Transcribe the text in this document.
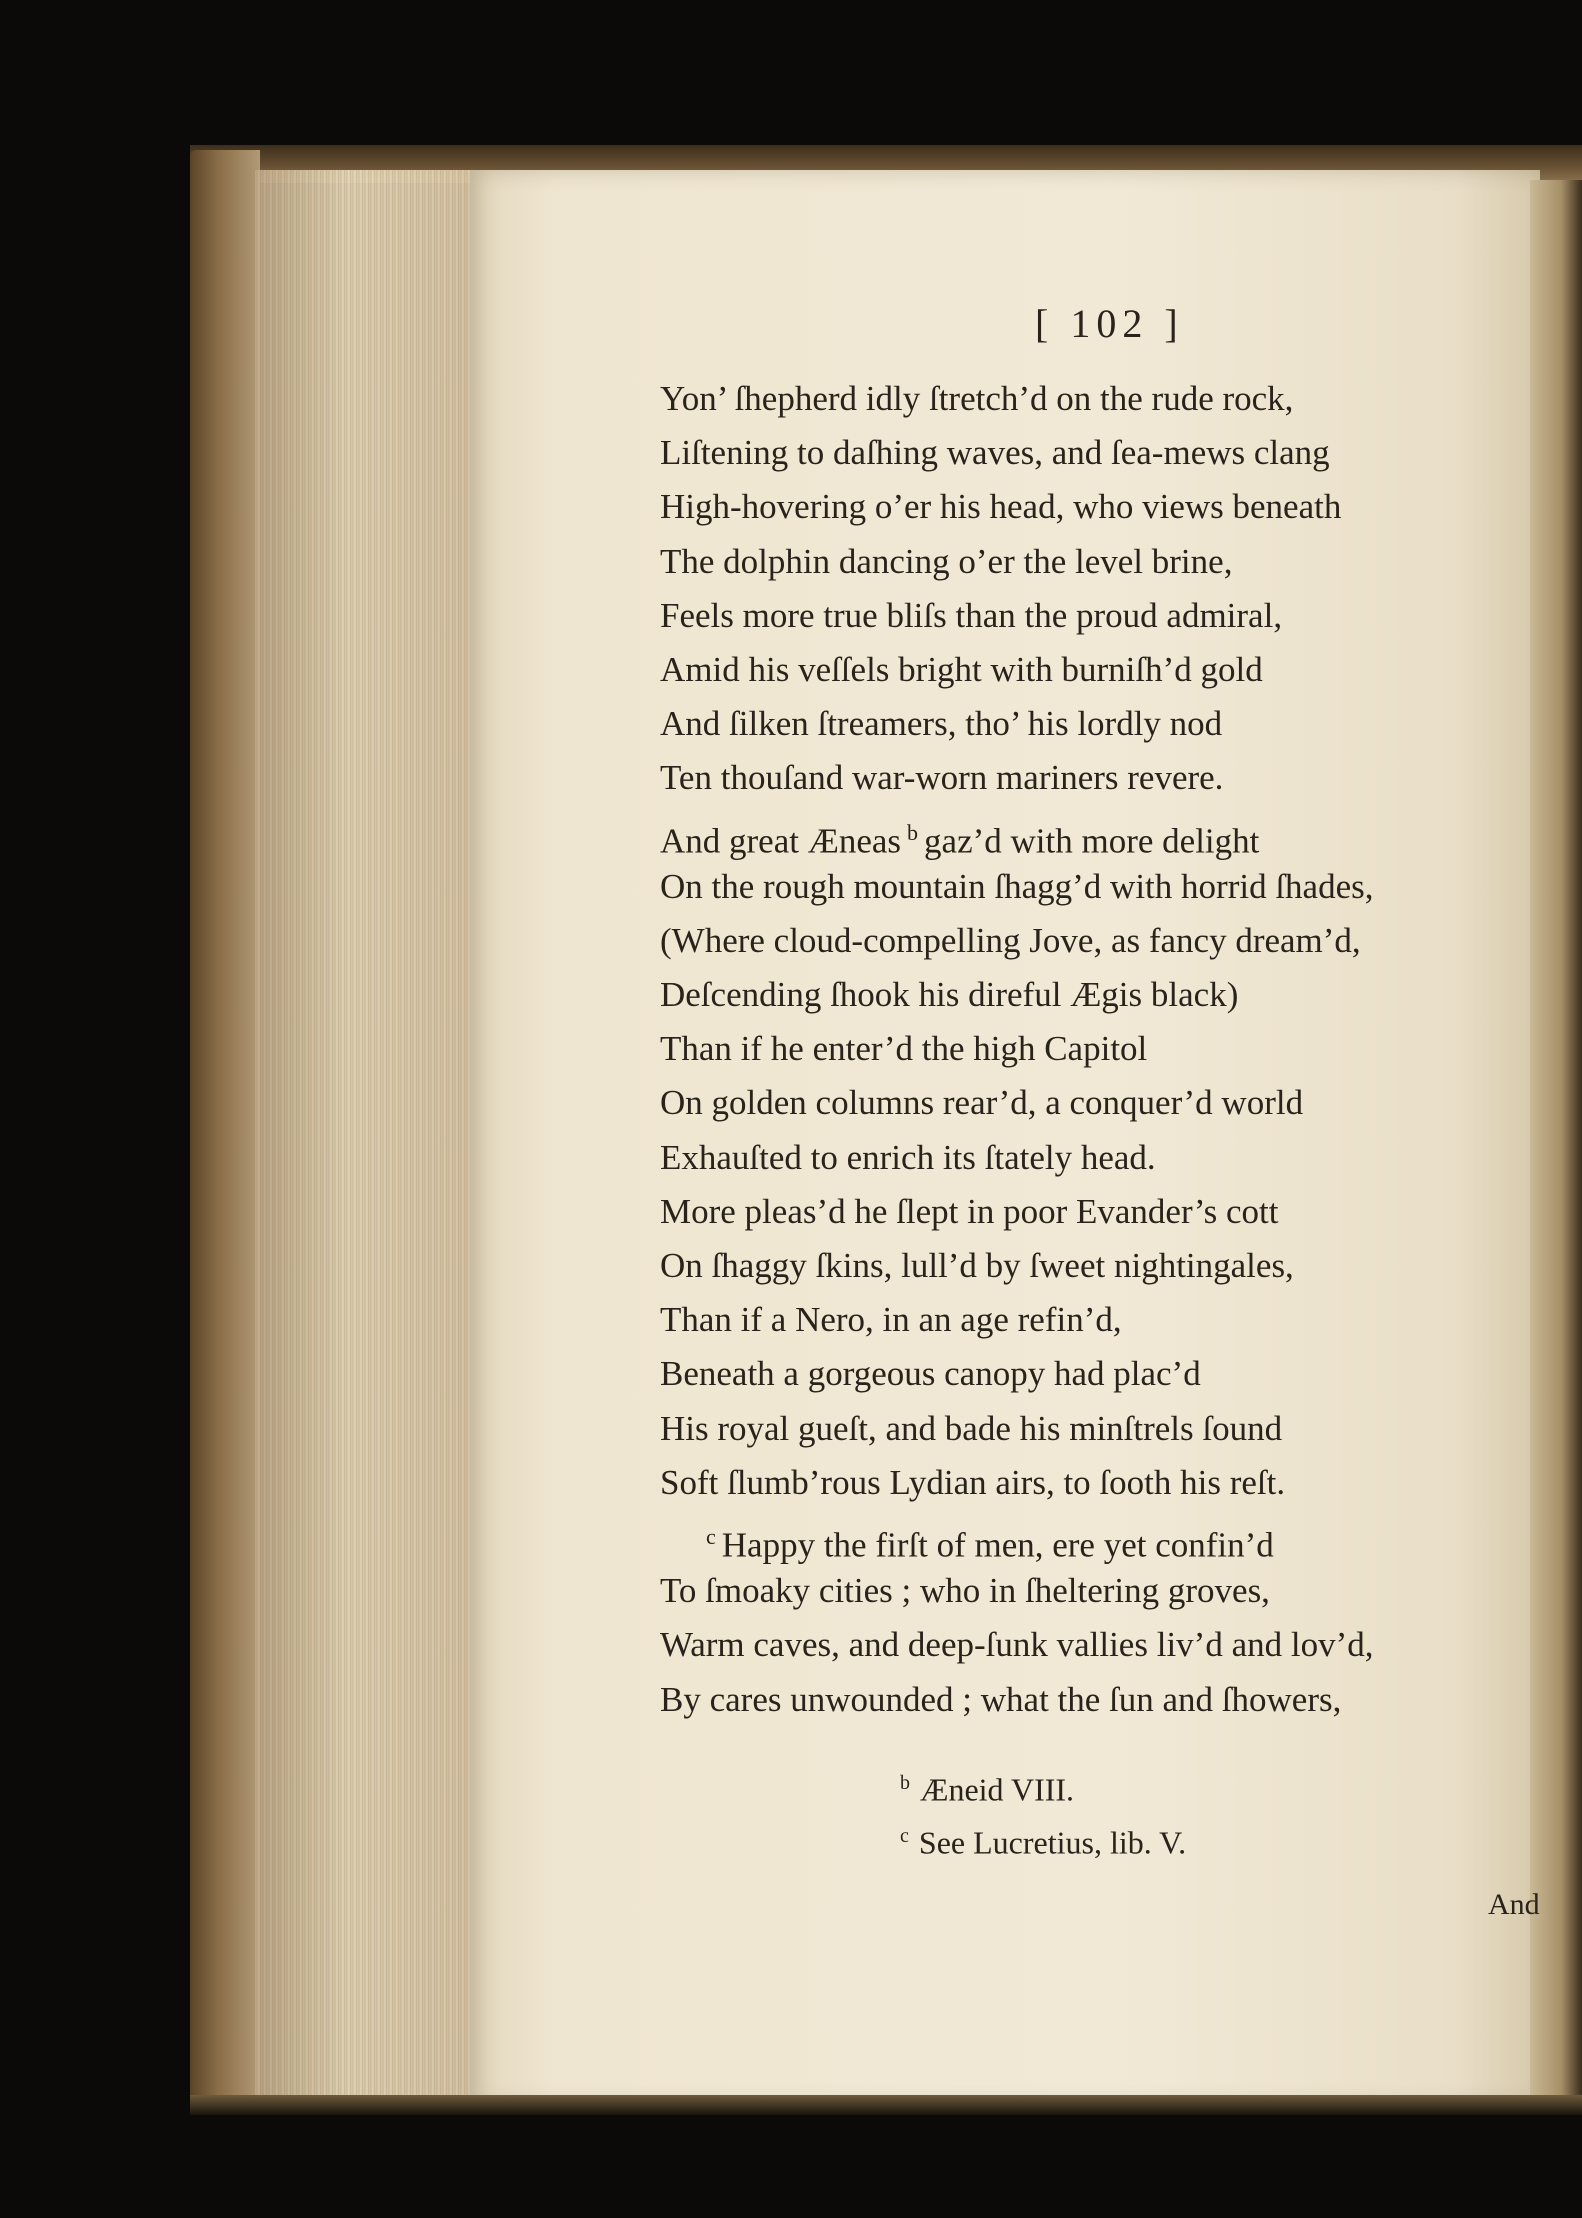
[ 102 ]
Yon’ ſhepherd idly ſtretch’d on the rude rock,
Liſtening to daſhing waves, and ſea-mews clang
High-hovering o’er his head, who views beneath
The dolphin dancing o’er the level brine,
Feels more true bliſs than the proud admiral,
Amid his veſſels bright with burniſh’d gold
And ſilken ſtreamers, tho’ his lordly nod
Ten thouſand war-worn mariners revere.
And great Æneas $^b$ gaz’d with more delight
On the rough mountain ſhagg’d with horrid ſhades,
(Where cloud-compelling Jove, as fancy dream’d,
Deſcending ſhook his direful Ægis black)
Than if he enter’d the high Capitol
On golden columns rear’d, a conquer’d world
Exhauſted to enrich its ſtately head.
More pleas’d he ſlept in poor Evander’s cott
On ſhaggy ſkins, lull’d by ſweet nightingales,
Than if a Nero, in an age refin’d,
Beneath a gorgeous canopy had plac’d
His royal gueſt, and bade his minſtrels ſound
Soft ſlumb’rous Lydian airs, to ſooth his reſt.
$^c$ Happy the firſt of men, ere yet confin’d
To ſmoaky cities ; who in ſheltering groves,
Warm caves, and deep-ſunk vallies liv’d and lov’d,
By cares unwounded ; what the ſun and ſhowers,
$^b$ Æneid VIII.
$^c$ See Lucretius, lib. V.
And
